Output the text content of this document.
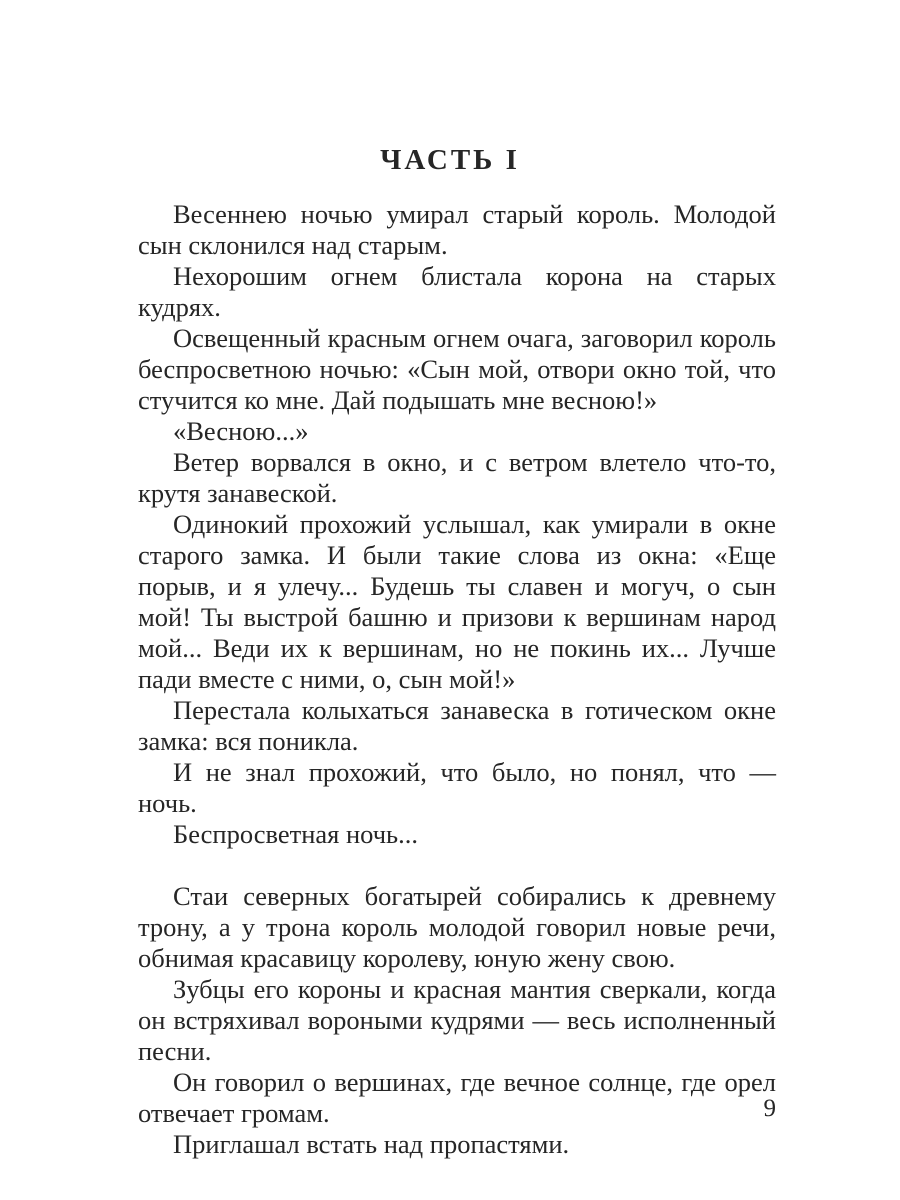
ЧАСТЬ I

Весеннею ночью умирал старый король. Молодой сын склонился над старым.

Нехорошим огнем блистала корона на старых кудрях.

Освещенный красным огнем очага, заговорил король беспросветною ночью: «Сын мой, отвори окно той, что стучится ко мне. Дай подышать мне весною!»

«Весною...»

Ветер ворвался в окно, и с ветром влетело что-то, крутя занавеской.

Одинокий прохожий услышал, как умирали в окне старого замка. И были такие слова из окна: «Еще порыв, и я улечу... Будешь ты славен и могуч, о сын мой! Ты выстрой башню и призови к вершинам народ мой... Веди их к вершинам, но не покинь их... Лучше пади вместе с ними, о, сын мой!»

Перестала колыхаться занавеска в готическом окне замка: вся поникла.

И не знал прохожий, что было, но понял, что — ночь.

Беспросветная ночь...

Стаи северных богатырей собирались к древнему трону, а у трона король молодой говорил новые речи, обнимая красавицу королеву, юную жену свою.

Зубцы его короны и красная мантия сверкали, когда он встряхивал вороными кудрями — весь исполненный песни.

Он говорил о вершинах, где вечное солнце, где орел отвечает громам.

Приглашал встать над пропастями.

9
